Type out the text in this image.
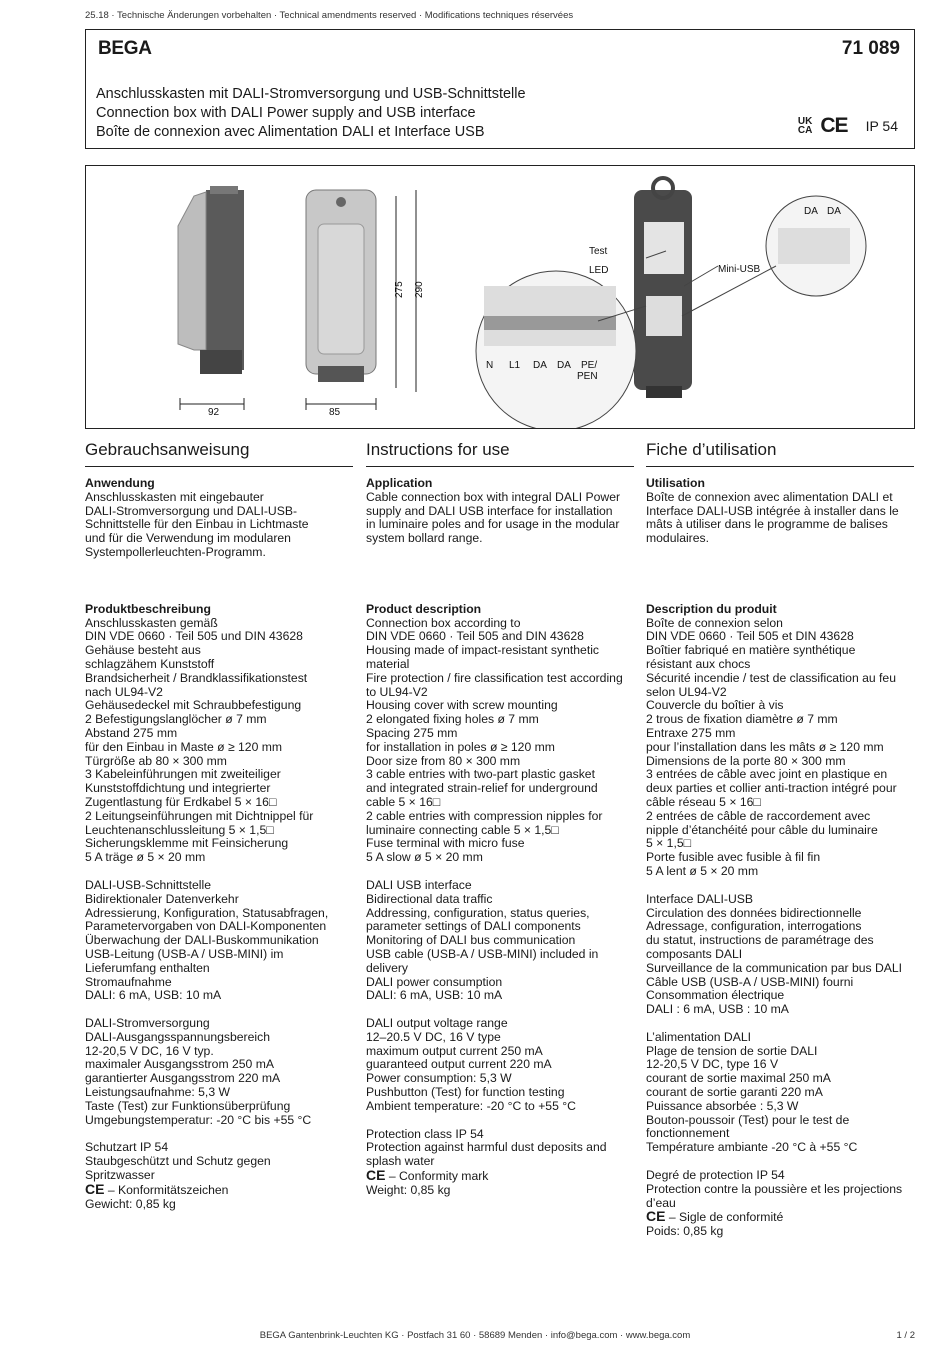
25.18 · Technische Änderungen vorbehalten · Technical amendments reserved · Modifications techniques réservées
BEGA	71 089
Anschlusskasten mit DALI-Stromversorgung und USB-Schnittstelle
Connection box with DALI Power supply and USB interface
Boîte de connexion avec Alimentation DALI et Interface USB
UK
CA CE IP 54
92	85
275 290
Test
LED	Mini-USB
DA DA
N L1 DA DA PE/
PEN
Gebrauchsanweisung	Instructions for use	Fiche d’utilisation

Anwendung

Anschlusskasten mit eingebauter

DALI-Stromversorgung und DALI-USB-

Schnittstelle für den Einbau in Lichtmaste

und für die Verwendung im modularen

Systempollerleuchten-Programm.

Produktbeschreibung

Anschlusskasten gemäß

DIN VDE 0660 · Teil 505 und DIN 43628

Gehäuse besteht aus

schlagzähem Kunststoff

Brandsicherheit / Brandklassifikationstest

nach UL94-V2

Gehäusedeckel mit Schraubbefestigung

2 Befestigungslanglöcher ø 7 mm

Abstand 275 mm

für den Einbau in Maste ø ≥ 120 mm

Türgröße ab 80 × 300 mm

3 Kabeleinführungen mit zweiteiliger

Kunststoffdichtung und integrierter

Zugentlastung für Erdkabel 5 × 16□

2 Leitungseinführungen mit Dichtnippel für

Leuchtenanschlussleitung 5 × 1,5□

Sicherungsklemme mit Feinsicherung

5 A träge ø 5 × 20 mm

DALI-USB-Schnittstelle

Bidirektionaler Datenverkehr

Adressierung, Konfiguration, Statusabfragen,

Parametervorgaben von DALI-Komponenten

Überwachung der DALI-Buskommunikation

USB-Leitung (USB-A / USB-MINI) im

Lieferumfang enthalten

Stromaufnahme

DALI: 6 mA, USB: 10 mA

DALI-Stromversorgung

DALI-Ausgangsspannungsbereich

12-20,5 V DC, 16 V typ.

maximaler Ausgangsstrom 250 mA

garantierter Ausgangsstrom 220 mA

Leistungsaufnahme: 5,3 W

Taste (Test) zur Funktionsüberprüfung

Umgebungstemperatur: -20 °C bis +55 °C

Schutzart IP 54

Staubgeschützt und Schutz gegen

Spritzwasser

CE – Konformitätszeichen

Gewicht: 0,85 kg

Application

Cable connection box with integral DALI Power

supply and DALI USB interface for installation

in luminaire poles and for usage in the modular

system bollard range.

Product description

Connection box according to

DIN VDE 0660 · Teil 505 and DIN 43628

Housing made of impact-resistant synthetic

material

Fire protection / fire classification test according

to UL94-V2

Housing cover with screw mounting

2 elongated fixing holes ø 7 mm

Spacing 275 mm

for installation in poles ø ≥ 120 mm

Door size from 80 × 300 mm

3 cable entries with two-part plastic gasket

and integrated strain-relief for underground

cable 5 × 16□

2 cable entries with compression nipples for

luminaire connecting cable 5 × 1,5□

Fuse terminal with micro fuse

5 A slow ø 5 × 20 mm

DALI USB interface

Bidirectional data traffic

Addressing, configuration, status queries,

parameter settings of DALI components

Monitoring of DALI bus communication

USB cable (USB-A / USB-MINI) included in

delivery

DALI power consumption

DALI: 6 mA, USB: 10 mA

DALI output voltage range

12–20.5 V DC, 16 V type

maximum output current 250 mA

guaranteed output current 220 mA

Power consumption: 5,3 W

Pushbutton (Test) for function testing

Ambient temperature: -20 °C to +55 °C

Protection class IP 54

Protection against harmful dust deposits and

splash water

CE – Conformity mark

Weight: 0,85 kg

Utilisation

Boîte de connexion avec alimentation DALI et

Interface DALI-USB intégrée à installer dans le

mâts à utiliser dans le programme de balises

modulaires.

Description du produit

Boîte de connexion selon

DIN VDE 0660 · Teil 505 et DIN 43628

Boîtier fabriqué en matière synthétique

résistant aux chocs

Sécurité incendie / test de classification au feu

selon UL94-V2

Couvercle du boîtier à vis

2 trous de fixation diamètre ø 7 mm

Entraxe 275 mm

pour l’installation dans les mâts ø ≥ 120 mm

Dimensions de la porte 80 × 300 mm

3 entrées de câble avec joint en plastique en

deux parties et collier anti-traction intégré pour

câble réseau 5 × 16□

2 entrées de câble de raccordement avec

nipple d’étanchéité pour câble du luminaire

5 × 1,5□

Porte fusible avec fusible à fil fin

5 A lent ø 5 × 20 mm

Interface DALI-USB

Circulation des données bidirectionnelle

Adressage, configuration, interrogations

du statut, instructions de paramétrage des

composants DALI

Surveillance de la communication par bus DALI

Câble USB (USB-A / USB-MINI) fourni

Consommation électrique

DALI : 6 mA, USB : 10 mA

L’alimentation DALI

Plage de tension de sortie DALI

12-20,5 V DC, type 16 V

courant de sortie maximal 250 mA

courant de sortie garanti 220 mA

Puissance absorbée : 5,3 W

Bouton-poussoir (Test) pour le test de

fonctionnement

Température ambiante -20 °C à +55 °C

Degré de protection IP 54

Protection contre la poussière et les projections

d’eau

CE – Sigle de conformité

Poids: 0,85 kg

BEGA Gantenbrink-Leuchten KG · Postfach 31 60 · 58689 Menden · info@bega.com · www.bega.com	1 / 2
